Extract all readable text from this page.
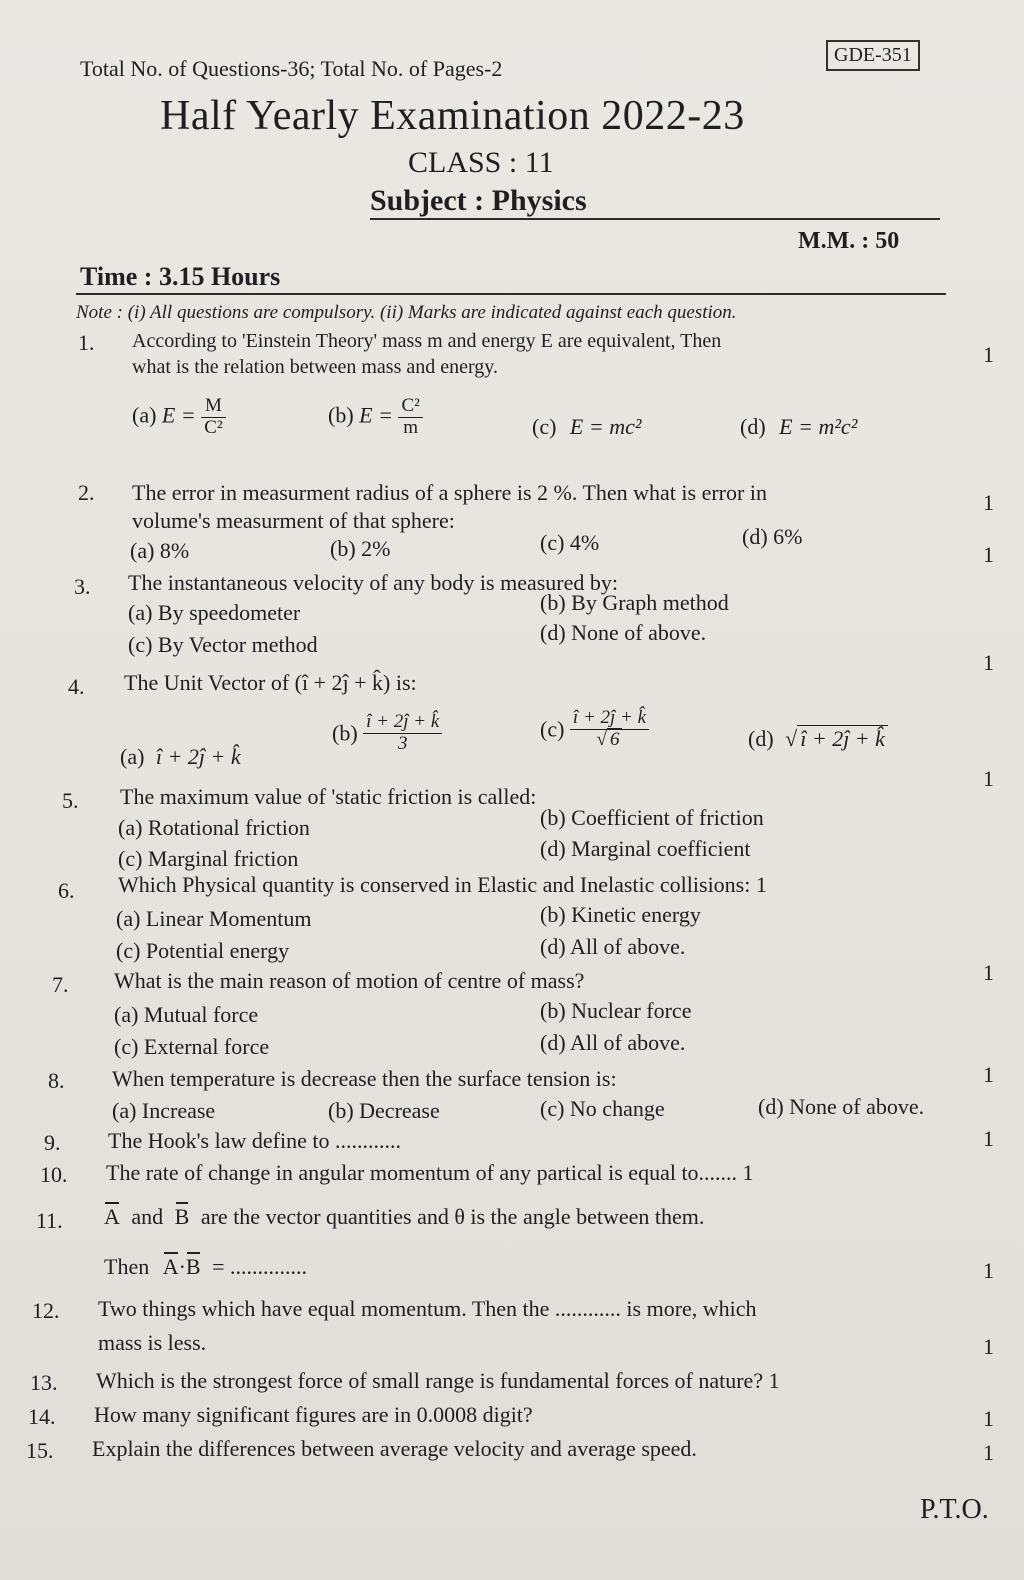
Total No. of Questions-36; Total No. of Pages-2
GDE-351
Half Yearly Examination 2022-23
CLASS : 11
Subject : Physics
M.M. : 50
Time : 3.15 Hours
Note : (i) All questions are compulsory. (ii) Marks are indicated against each question.
1. According to 'Einstein Theory' mass m and energy E are equivalent, Then
what is the relation between mass and energy.	1
(a) $E = \frac{M}{\text{C²}}$	(b) $E = \frac{\text{C²}}{m}$	(c) E = mc²	(d) E = m²c²
2. The error in measurment radius of a sphere is 2 %. Then what is error in
volume's measurment of that sphere:
1
(a) 8%	(b) 2%	(c) 4%	(d) 6%
3. The instantaneous velocity of any body is measured by:
1
(a) By speedometer	(b) By Graph method
(c) By Vector method	(d) None of above.
4. The Unit Vector of (î + 2ĵ + k̂) is:
1
(a) î + 2ĵ + k̂
$(b) \frac{î + 2ĵ + k̂}{3}$	$(c) \frac{î + 2ĵ + k̂}{√ 6}$	(d) √ î + 2ĵ + k̂
5. The maximum value of 'static friction is called:
1
(a) Rotational friction	(b) Coefficient of friction
(c) Marginal friction	(d) Marginal coefficient
6. Which Physical quantity is conserved in Elastic and Inelastic collisions: 1
(a) Linear Momentum	(b) Kinetic energy
(c) Potential energy	(d) All of above.
7. What is the main reason of motion of centre of mass?	1
(a) Mutual force	(b) Nuclear force
(c) External force	(d) All of above.
8. When temperature is decrease then the surface tension is:	1
(a) Increase	(b) Decrease	(c) No change	(d) None of above.
9. The Hook's law define to ............	1
10. The rate of change in angular momentum of any partical is equal to....... 1
11. A and B are the vector quantities and θ is the angle between them.
Then A·B = ..............	1
12. Two things which have equal momentum. Then the ............ is more, which
mass is less.	1
13. Which is the strongest force of small range is fundamental forces of nature? 1
14. How many significant figures are in 0.0008 digit?	1
15. Explain the differences between average velocity and average speed.	1
P.T.O.
